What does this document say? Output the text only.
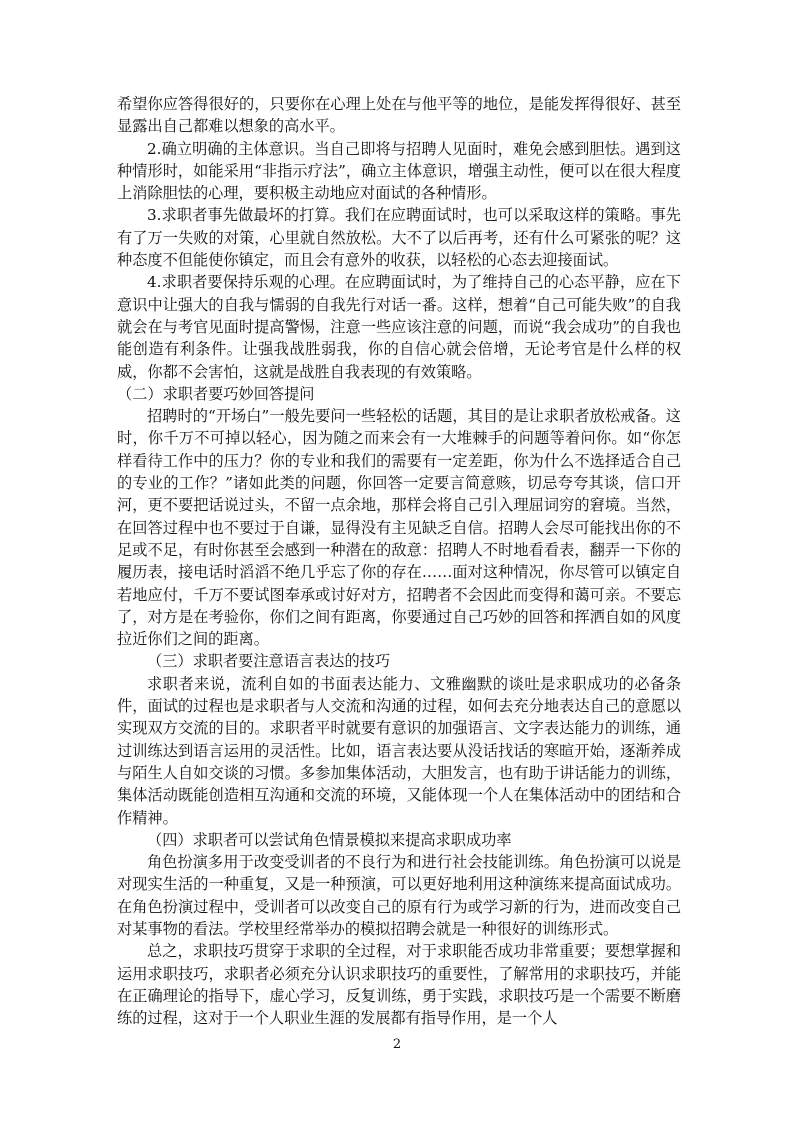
希望你应答得很好的，只要你在心理上处在与他平等的地位，是能发挥得很好、甚至显露出自己都难以想象的高水平。

2.确立明确的主体意识。当自己即将与招聘人见面时，难免会感到胆怯。遇到这种情形时，如能采用“非指示疗法”，确立主体意识，增强主动性，便可以在很大程度上消除胆怯的心理，要积极主动地应对面试的各种情形。

3.求职者事先做最坏的打算。我们在应聘面试时，也可以采取这样的策略。事先有了万一失败的对策，心里就自然放松。大不了以后再考，还有什么可紧张的呢？这种态度不但能使你镇定，而且会有意外的收获，以轻松的心态去迎接面试。

4.求职者要保持乐观的心理。在应聘面试时，为了维持自己的心态平静，应在下意识中让强大的自我与懦弱的自我先行对话一番。这样，想着“自己可能失败”的自我就会在与考官见面时提高警惕，注意一些应该注意的问题，而说“我会成功”的自我也能创造有利条件。让强我战胜弱我，你的自信心就会倍增，无论考官是什么样的权威，你都不会害怕，这就是战胜自我表现的有效策略。

（二）求职者要巧妙回答提问

招聘时的“开场白”一般先要问一些轻松的话题，其目的是让求职者放松戒备。这时，你千万不可掉以轻心，因为随之而来会有一大堆棘手的问题等着问你。如“你怎样看待工作中的压力？你的专业和我们的需要有一定差距，你为什么不选择适合自己的专业的工作？”诸如此类的问题，你回答一定要言简意赅，切忌夸夸其谈，信口开河，更不要把话说过头，不留一点余地，那样会将自己引入理屈词穷的窘境。当然，在回答过程中也不要过于自谦，显得没有主见缺乏自信。招聘人会尽可能找出你的不足或不足，有时你甚至会感到一种潜在的敌意：招聘人不时地看看表，翻弄一下你的履历表，接电话时滔滔不绝几乎忘了你的存在……面对这种情况，你尽管可以镇定自若地应付，千万不要试图奉承或讨好对方，招聘者不会因此而变得和蔼可亲。不要忘了，对方是在考验你，你们之间有距离，你要通过自己巧妙的回答和挥洒自如的风度拉近你们之间的距离。

（三）求职者要注意语言表达的技巧

求职者来说，流利自如的书面表达能力、文雅幽默的谈吐是求职成功的必备条件，面试的过程也是求职者与人交流和沟通的过程，如何去充分地表达自己的意愿以实现双方交流的目的。求职者平时就要有意识的加强语言、文字表达能力的训练，通过训练达到语言运用的灵活性。比如，语言表达要从没话找话的寒暄开始，逐渐养成与陌生人自如交谈的习惯。多参加集体活动，大胆发言，也有助于讲话能力的训练，集体活动既能创造相互沟通和交流的环境，又能体现一个人在集体活动中的团结和合作精神。

（四）求职者可以尝试角色情景模拟来提高求职成功率

角色扮演多用于改变受训者的不良行为和进行社会技能训练。角色扮演可以说是对现实生活的一种重复，又是一种预演，可以更好地利用这种演练来提高面试成功。在角色扮演过程中，受训者可以改变自己的原有行为或学习新的行为，进而改变自己对某事物的看法。学校里经常举办的模拟招聘会就是一种很好的训练形式。

总之，求职技巧贯穿于求职的全过程，对于求职能否成功非常重要；要想掌握和运用求职技巧，求职者必须充分认识求职技巧的重要性，了解常用的求职技巧，并能在正确理论的指导下，虚心学习，反复训练，勇于实践，求职技巧是一个需要不断磨练的过程，这对于一个人职业生涯的发展都有指导作用，是一个人

2
